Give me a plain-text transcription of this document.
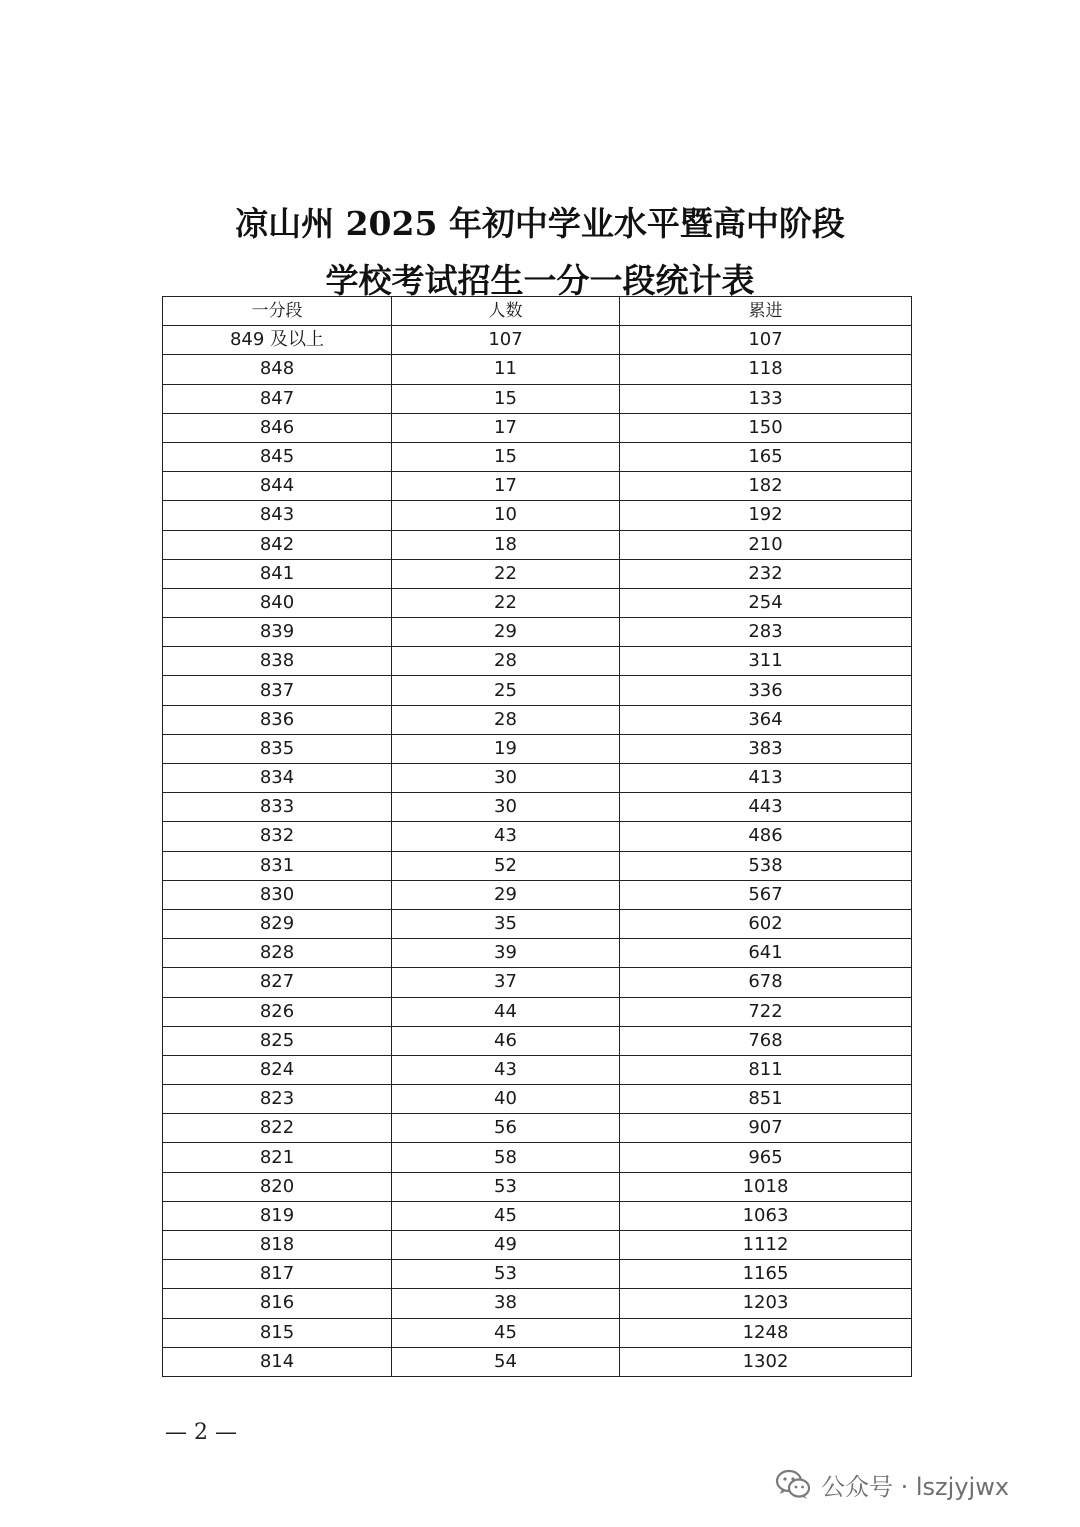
凉山州 2025 年初中学业水平暨高中阶段
学校考试招生一分一段统计表
一分段	人数	累进
849 及以上	107	107
848	11	118
847	15	133
846	17	150
845	15	165
844	17	182
843	10	192
842	18	210
841	22	232
840	22	254
839	29	283
838	28	311
837	25	336
836	28	364
835	19	383
834	30	413
833	30	443
832	43	486
831	52	538
830	29	567
829	35	602
828	39	641
827	37	678
826	44	722
825	46	768
824	43	811
823	40	851
822	56	907
821	58	965
820	53	1018
819	45	1063
818	49	1112
817	53	1165
816	38	1203
815	45	1248
814	54	1302
— 2 —
公众号 · lszjyjwx
